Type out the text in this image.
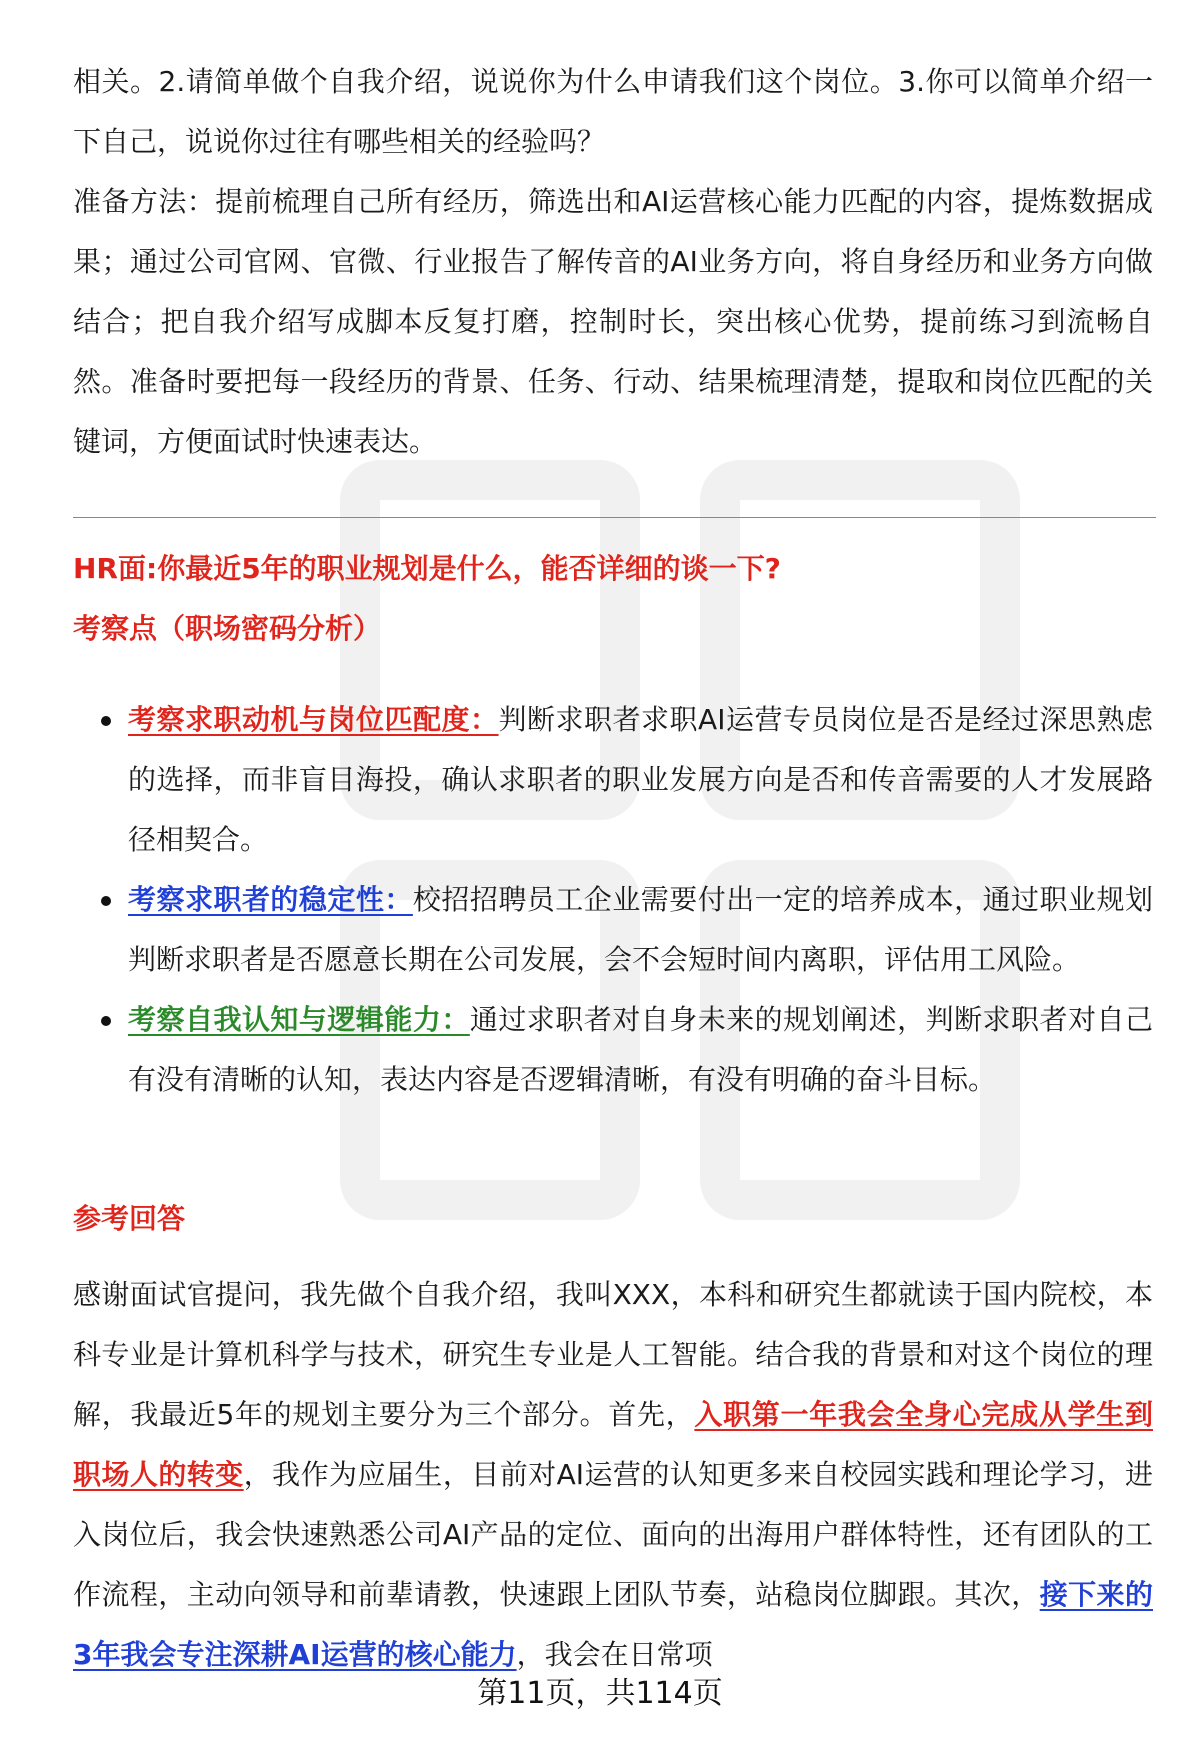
相关。2.请简单做个自我介绍，说说你为什么申请我们这个岗位。3.你可以简单介绍一下自己，说说你过往有哪些相关的经验吗？

准备方法：提前梳理自己所有经历，筛选出和AI运营核心能力匹配的内容，提炼数据成果；通过公司官网、官微、行业报告了解传音的AI业务方向，将自身经历和业务方向做结合；把自我介绍写成脚本反复打磨，控制时长，突出核心优势，提前练习到流畅自然。准备时要把每一段经历的背景、任务、行动、结果梳理清楚，提取和岗位匹配的关键词，方便面试时快速表达。

HR面:你最近5年的职业规划是什么，能否详细的谈一下?
考察点（职场密码分析）
考察求职动机与岗位匹配度：判断求职者求职AI运营专员岗位是否是经过深思熟虑的选择，而非盲目海投，确认求职者的职业发展方向是否和传音需要的人才发展路径相契合。
考察求职者的稳定性：校招招聘员工企业需要付出一定的培养成本，通过职业规划判断求职者是否愿意长期在公司发展，会不会短时间内离职，评估用工风险。
考察自我认知与逻辑能力：通过求职者对自身未来的规划阐述，判断求职者对自己有没有清晰的认知，表达内容是否逻辑清晰，有没有明确的奋斗目标。
参考回答

感谢面试官提问，我先做个自我介绍，我叫XXX，本科和研究生都就读于国内院校，本科专业是计算机科学与技术，研究生专业是人工智能。结合我的背景和对这个岗位的理解，我最近5年的规划主要分为三个部分。首先，入职第一年我会全身心完成从学生到职场人的转变，我作为应届生，目前对AI运营的认知更多来自校园实践和理论学习，进入岗位后，我会快速熟悉公司AI产品的定位、面向的出海用户群体特性，还有团队的工作流程，主动向领导和前辈请教，快速跟上团队节奏，站稳岗位脚跟。其次，接下来的3年我会专注深耕AI运营的核心能力，我会在日常项

第11页，共114页
